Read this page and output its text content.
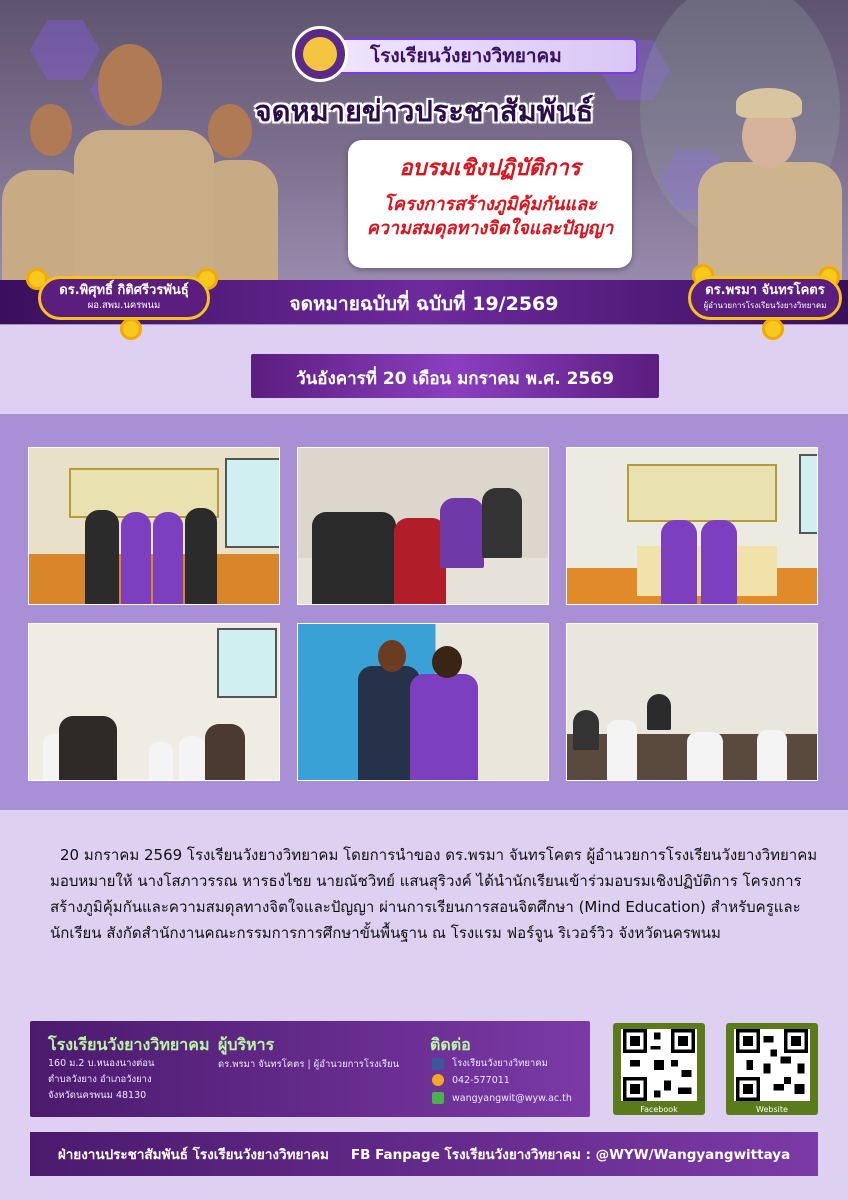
โรงเรียนวังยางวิทยาคม
จดหมายข่าวประชาสัมพันธ์
อบรมเชิงปฏิบัติการ
โครงการสร้างภูมิคุ้มกันและ
ความสมดุลทางจิตใจและปัญญา
จดหมายฉบับที่ ฉบับที่ 19/2569
ดร.พิศุทธิ์ กิติศรีวรพันธุ์
ผอ.สพม.นครพนม
ดร.พรมา จันทรโคตร
ผู้อำนวยการโรงเรียนวังยางวิทยาคม
วันอังคารที่ 20 เดือน มกราคม พ.ศ. 2569

20 มกราคม 2569 โรงเรียนวังยางวิทยาคม โดยการนำของ ดร.พรมา จันทรโคตร ผู้อำนวยการโรงเรียนวังยางวิทยาคม มอบหมายให้ นางโสภาวรรณ หารธงไชย นายณัชวิทย์ แสนสุริวงค์ ได้นำนักเรียนเข้าร่วมอบรมเชิงปฏิบัติการ โครงการสร้างภูมิคุ้มกันและความสมดุลทางจิตใจและปัญญา ผ่านการเรียนการสอนจิตศึกษา (Mind Education) สำหรับครูและนักเรียน สังกัดสำนักงานคณะกรรมการการศึกษาขั้นพื้นฐาน ณ โรงแรม ฟอร์จูน ริเวอร์วิว จังหวัดนครพนม

โรงเรียนวังยางวิทยาคม
160 ม.2 บ.หนองนางต่อน
ตำบลวังยาง อำเภอวังยาง
จังหวัดนครพนม 48130
ผู้บริหาร
ดร.พรมา จันทรโคตร | ผู้อำนวยการโรงเรียน
ติดต่อ
โรงเรียนวังยางวิทยาคม
042-577011
wangyangwit@wyw.ac.th
Facebook	Website
ฝ่ายงานประชาสัมพันธ์ โรงเรียนวังยางวิทยาคม FB Fanpage โรงเรียนวังยางวิทยาคม : @WYW/Wangyangwittaya
